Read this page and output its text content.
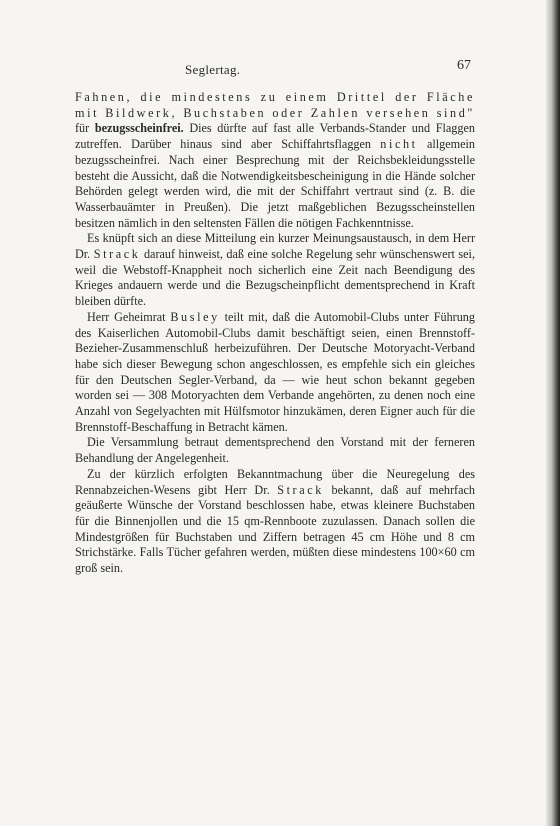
Seglertag.	67

Fahnen, die mindestens zu einem Drittel der Fläche mit Bildwerk, Buchstaben oder Zahlen versehen sind" für bezugsscheinfrei. Dies dürfte auf fast alle Verbands-Stander und Flaggen zutreffen. Darüber hinaus sind aber Schiffahrtsflaggen nicht allgemein bezugsscheinfrei. Nach einer Besprechung mit der Reichsbekleidungsstelle besteht die Aussicht, daß die Notwendigkeitsbescheinigung in die Hände solcher Behörden gelegt werden wird, die mit der Schiffahrt vertraut sind (z. B. die Wasserbauämter in Preußen). Die jetzt maßgeblichen Bezugsscheinstellen besitzen nämlich in den seltensten Fällen die nötigen Fachkenntnisse.

Es knüpft sich an diese Mitteilung ein kurzer Meinungsaustausch, in dem Herr Dr. Strack darauf hinweist, daß eine solche Regelung sehr wünschenswert sei, weil die Webstoff-Knappheit noch sicherlich eine Zeit nach Beendigung des Krieges andauern werde und die Bezugscheinpflicht dementsprechend in Kraft bleiben dürfte.

Herr Geheimrat Busley teilt mit, daß die Automobil-Clubs unter Führung des Kaiserlichen Automobil-Clubs damit beschäftigt seien, einen Brennstoff-Bezieher-Zusammenschluß herbeizuführen. Der Deutsche Motoryacht-Verband habe sich dieser Bewegung schon angeschlossen, es empfehle sich ein gleiches für den Deutschen Segler-Verband, da — wie heut schon bekannt gegeben worden sei — 308 Motoryachten dem Verbande angehörten, zu denen noch eine Anzahl von Segelyachten mit Hülfsmotor hinzukämen, deren Eigner auch für die Brennstoff-Beschaffung in Betracht kämen.

Die Versammlung betraut dementsprechend den Vorstand mit der ferneren Behandlung der Angelegenheit.

Zu der kürzlich erfolgten Bekanntmachung über die Neuregelung des Rennabzeichen-Wesens gibt Herr Dr. Strack bekannt, daß auf mehrfach geäußerte Wünsche der Vorstand beschlossen habe, etwas kleinere Buchstaben für die Binnenjollen und die 15 qm-Rennboote zuzulassen. Danach sollen die Mindestgrößen für Buchstaben und Ziffern betragen 45 cm Höhe und 8 cm Strichstärke. Falls Tücher gefahren werden, müßten diese mindestens 100×60 cm groß sein.
